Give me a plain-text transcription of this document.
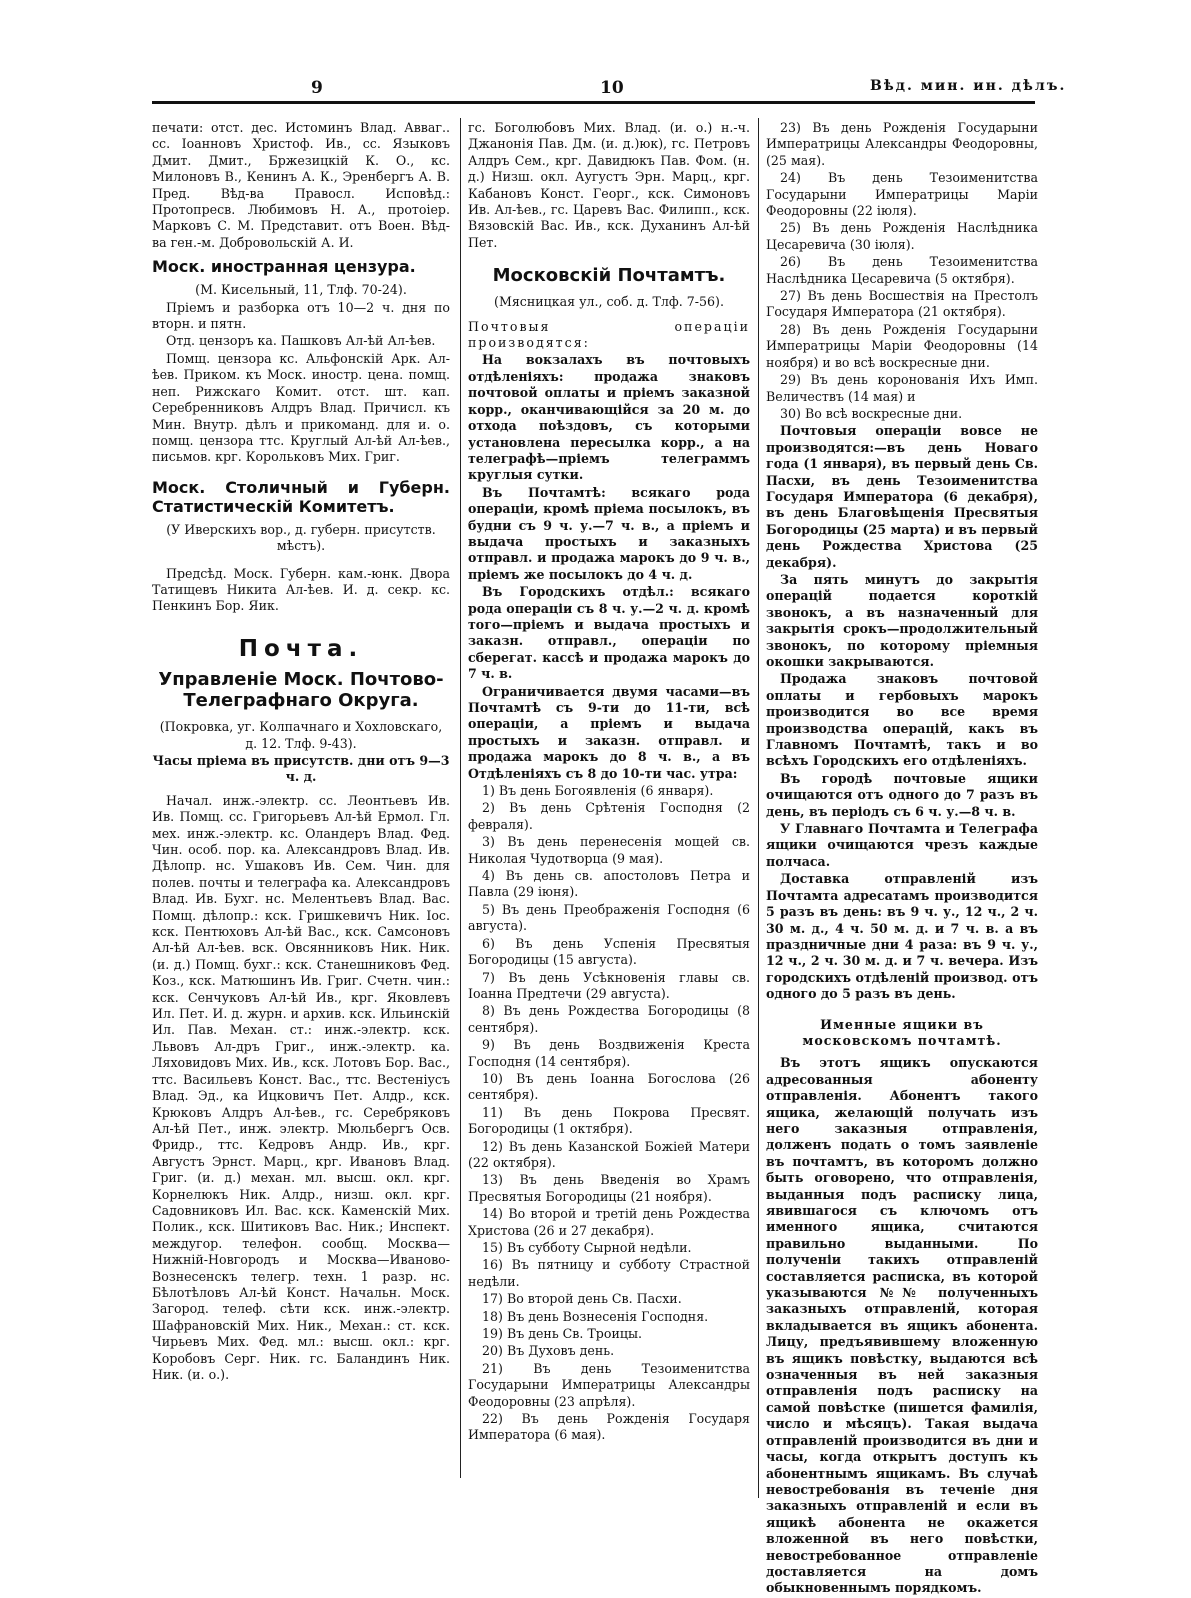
9	10	Вѣд. мин. ин. дѣлъ.

печати: отст. дес. Истоминъ Влад. Авваг.. сс. Іоанновъ Христоф. Ив., сс. Языковъ Дмит. Дмит., Бржезицкій К. О., кс. Милоновъ В., Кенинъ А. К., Эренбергъ А. В. Пред. Вѣд-ва Правосл. Исповѣд.: Протопресв. Любимовъ Н. А., протоіер. Марковъ С. М. Представит. отъ Воен. Вѣд-ва ген.-м. Добровольскій А. И.

Моск. иностранная цензура.

(М. Кисельный, 11, Тлф. 70-24).

Пріемъ и разборка отъ 10—2 ч. дня по вторн. и пятн.

Отд. цензоръ ка. Пашковъ Ал-ѣй Ал-ѣев.

Помщ. цензора кс. Альфонскій Арк. Ал-ѣев. Приком. къ Моск. иностр. цена. помщ. неп. Рижскаго Комит. отст. шт. кап. Серебренниковъ Алдръ Влад. Причисл. къ Мин. Внутр. дѣлъ и прикоманд. для и. о. помщ. цензора ттс. Круглый Ал-ѣй Ал-ѣев., письмов. кpг. Корольковъ Мих. Григ.

Моск. Столичный и Губерн. Статистическій Комитетъ.

(У Иверскихъ вор., д. губерн. присутств. мѣстъ).

Предсѣд. Моск. Губерн. кам.-юнк. Двора Татищевъ Никита Ал-ѣев. И. д. секр. кс. Пенкинъ Бор. Яик.

Почта.

Управленіе Моск. Почтово-Телеграфнаго Округа.

(Покровка, уг. Колпачнаго и Хохловскаго, д. 12. Тлф. 9-43).

Часы пріема въ присутств. дни отъ 9—3 ч. д.

Начал. инж.-электр. сс. Леонтьевъ Ив. Ив. Помщ. сс. Григорьевъ Ал-ѣй Ермол. Гл. мех. инж.-электр. кс. Оландеръ Влад. Фед. Чин. особ. пор. ка. Александровъ Влад. Ив. Дѣлопр. нс. Ушаковъ Ив. Сем. Чин. для полев. почты и телеграфа ка. Александровъ Влад. Ив. Бухг. нс. Мелентьевъ Влад. Вас. Помщ. дѣлопр.: кск. Гришкевичъ Ник. Іос. кск. Пентюховъ Ал-ѣй Вас., кск. Самсоновъ Ал-ѣй Ал-ѣев. вск. Овсянниковъ Ник. Ник. (и. д.) Помщ. бухг.: кск. Станешниковъ Фед. Коз., кск. Матюшинъ Ив. Григ. Счетн. чин.: кск. Сенчуковъ Ал-ѣй Ив., кpг. Яковлевъ Ил. Пет. И. д. журн. и архив. кск. Ильинскій Ил. Пав. Механ. ст.: инж.-электр. кск. Львовъ Ал-дръ Григ., инж.-электр. кa. Ляховидовъ Мих. Ив., кск. Лотовъ Бор. Вас., ттс. Васильевъ Конст. Вас., ттс. Вестенiусъ Влад. Эд., ка Ицковичъ Пет. Алдр., кск. Крюковъ Алдръ Ал-ѣев., гс. Серебряковъ Ал-ѣй Пет., инж. электр. Мюльбергъ Осв. Фридр., ттс. Кедровъ Андр. Ив., кpг. Августъ Эрнст. Марц., кpг. Ивановъ Влад. Григ. (и. д.) механ. мл. высш. окл. кpг. Корнелюкъ Ник. Алдр., низш. окл. кpг. Садовниковъ Ил. Вас. кск. Каменскій Мих. Полик., кск. Шитиковъ Вас. Ник.; Инспект. междугор. телефон. сообщ. Москва—Нижній-Новгородъ и Москва—Иваново-Вознесенскъ телегр. техн. 1 разр. нс. Бѣлотѣловъ Ал-ѣй Конст. Начальн. Моск. Загород. телеф. сѣти кск. инж.-электр. Шафрановскій Мих. Ник., Механ.: ст. кск. Чирьевъ Мих. Фед. мл.: высш. окл.: кpг. Коробовъ Серг. Ник. гс. Баландинъ Ник. Ник. (и. о.).

гс. Боголюбовъ Мих. Влад. (и. о.) н.-ч. Джанонія Пав. Дм. (и. д.)юк), гс. Петровъ Алдръ Сем., кpг. Давидюкъ Пав. Фом. (н. д.) Низш. окл. Аугустъ Эрн. Марц., кpг. Кабановъ Конст. Георг., кск. Симоновъ Ив. Ал-ѣев., гс. Царевъ Вас. Филипп., кск. Вязовскій Вас. Ив., кск. Духанинъ Ал-ѣй Пет.

Московскій Почтамтъ.

(Мясницкая ул., соб. д. Тлф. 7-56).

Почтовыя операціи производятся:

На вокзалахъ въ почтовыхъ отдѣленіяхъ: продажа знаковъ почтовой оплаты и пріемъ заказной корр., оканчивающійся за 20 м. до отхода поѣздовъ, съ которыми установлена пересылка корр., а на телеграфѣ—пріемъ телеграммъ круглыя сутки.

Въ Почтамтѣ: всякаго рода операціи, кромѣ пріема посылокъ, въ будни съ 9 ч. у.—7 ч. в., а пріемъ и выдача простыхъ и заказныхъ отправл. и продажа марокъ до 9 ч. в., пріемъ же посылокъ до 4 ч. д.

Въ Городскихъ отдѣл.: всякаго рода операціи съ 8 ч. у.—2 ч. д. кромѣ того—пріемъ и выдача простыхъ и заказн. отправл., операціи по сберегат. кассѣ и продажа марокъ до 7 ч. в.

Ограничивается двумя часами—въ Почтамтѣ съ 9-ти до 11-ти, всѣ операціи, а пріемъ и выдача простыхъ и заказн. отправл. и продажа марокъ до 8 ч. в., а въ Отдѣленіяхъ съ 8 до 10-ти час. утра:

1) Въ день Богоявленія (6 января).

2) Въ день Срѣтенія Господня (2 февраля).

3) Въ день перенесенія мощей св. Николая Чудотворца (9 мая).

4) Въ день св. апостоловъ Петра и Павла (29 іюня).

5) Въ день Преображенія Господня (6 августа).

6) Въ день Успенія Пресвятыя Богородицы (15 августа).

7) Въ день Усѣкновенія главы св. Іоанна Предтечи (29 августа).

8) Въ день Рождества Богородицы (8 сентября).

9) Въ день Воздвиженія Креста Господня (14 сентября).

10) Въ день Іоанна Богослова (26 сентября).

11) Въ день Покрова Пресвят. Богородицы (1 октября).

12) Въ день Казанской Божіей Матери (22 октября).

13) Въ день Введенія во Храмъ Пресвятыя Богородицы (21 ноября).

14) Во второй и третій день Рождества Христова (26 и 27 декабря).

15) Въ субботу Сырной недѣли.

16) Въ пятницу и субботу Страстной недѣли.

17) Во второй день Св. Пасхи.

18) Въ день Вознесенія Господня.

19) Въ день Св. Троицы.

20) Въ Духовъ день.

21) Въ день Тезоименитства Государыни Императрицы Александры Феодоровны (23 апрѣля).

22) Въ день Рожденія Государя Императора (6 мая).

23) Въ день Рожденія Государыни Императрицы Александры Феодоровны, (25 мая).

24) Въ день Тезоименитства Государыни Императрицы Маріи Феодоровны (22 іюля).

25) Въ день Рожденія Наслѣдника Цесаревича (30 іюля).

26) Въ день Тезоименитства Наслѣдника Цесаревича (5 октября).

27) Въ день Восшествія на Престолъ Государя Императора (21 октября).

28) Въ день Рожденія Государыни Императрицы Маріи Феодоровны (14 ноября) и во всѣ воскресные дни.

29) Въ день коронованія Ихъ Имп. Величествъ (14 мая) и

30) Во всѣ воскресные дни.

Почтовыя операціи вовсе не производятся:—въ день Новаго года (1 января), въ первый день Св. Пасхи, въ день Тезоименитства Государя Императора (6 декабря), въ день Благовѣщенія Пресвятыя Богородицы (25 марта) и въ первый день Рождества Христова (25 декабря).

За пять минутъ до закрытія операцій подается короткій звонокъ, а въ назначенный для закрытія срокъ—продолжительный звонокъ, по которому пріемныя окошки закрываются.

Продажа знаковъ почтовой оплаты и гербовыхъ марокъ производится во все время производства операцій, какъ въ Главномъ Почтамтѣ, такъ и во всѣхъ Городскихъ его отдѣленіяхъ.

Въ городѣ почтовые ящики очищаются отъ одного до 7 разъ въ день, въ періодъ съ 6 ч. у.—8 ч. в.

У Главнаго Почтамта и Телеграфа ящики очищаются чрезъ каждые полчаса.

Доставка отправленій изъ Почтамта адресатамъ производится 5 разъ въ день: въ 9 ч. у., 12 ч., 2 ч. 30 м. д., 4 ч. 50 м. д. и 7 ч. в. а въ праздничные дни 4 раза: въ 9 ч. у., 12 ч., 2 ч. 30 м. д. и 7 ч. вечера. Изъ городскихъ отдѣленій производ. отъ одного до 5 разъ въ день.

Именные ящики въ московскомъ почтамтѣ.

Въ этотъ ящикъ опускаются адресованныя абоненту отправленія. Абонентъ такого ящика, желающій получать изъ него заказныя отправленія, долженъ подать о томъ заявленіе въ почтамтъ, въ которомъ должно быть оговорено, что отправленія, выданныя подъ расписку лица, явившагося съ ключомъ отъ именного ящика, считаются правильно выданными. По полученіи такихъ отправленій составляется расписка, въ которой указываются №№ полученныхъ заказныхъ отправленій, которая вкладывается въ ящикъ абонента. Лицу, предъявившему вложенную въ ящикъ повѣстку, выдаются всѣ означенныя въ ней заказныя отправленія подъ расписку на самой повѣстке (пишется фамилія, число и мѣсяцъ). Такая выдача отправленій производится въ дни и часы, когда открытъ доступъ къ абонентнымъ ящикамъ. Въ случаѣ невостребованія въ теченіе дня заказныхъ отправленій и если въ ящикѣ абонента не окажется вложенной въ него повѣстки, невостребованное отправленіе доставляется на домъ обыкновеннымъ порядкомъ.
